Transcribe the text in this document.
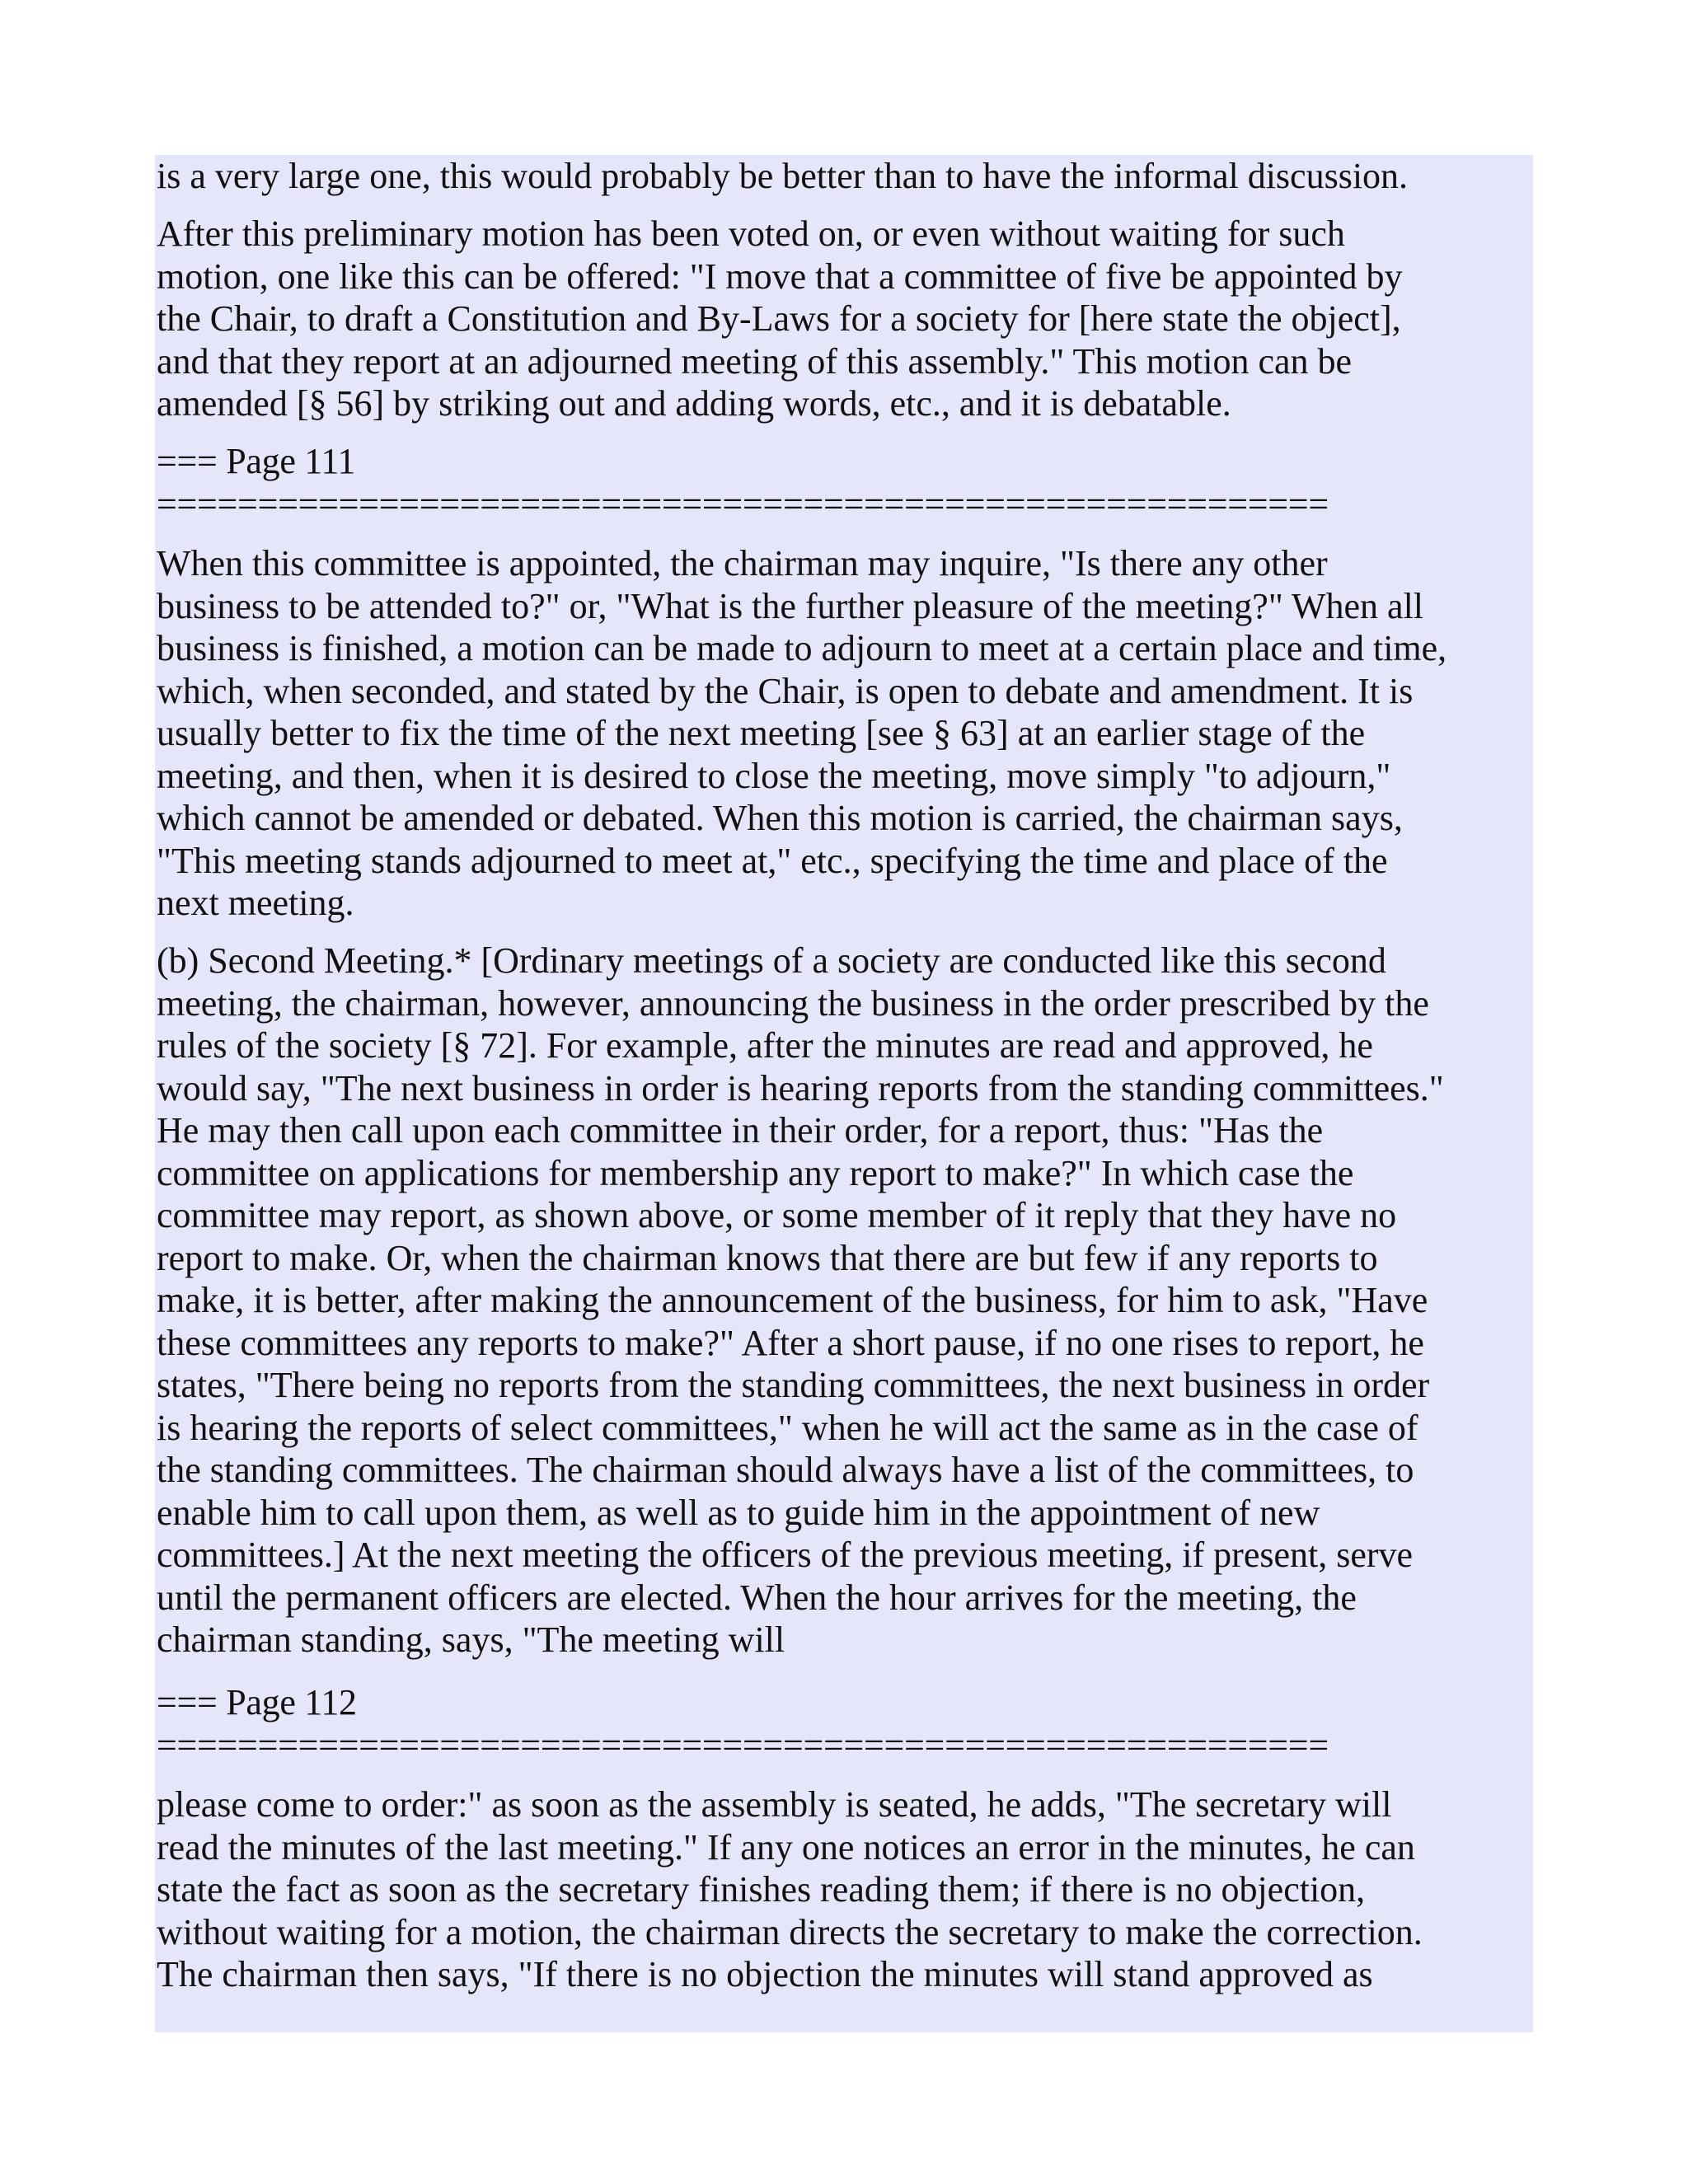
is a very large one, this would probably be better than to have the informal discussion.
After this preliminary motion has been voted on, or even without waiting for such
motion, one like this can be offered: "I move that a committee of five be appointed by
the Chair, to draft a Constitution and By-Laws for a society for [here state the object],
and that they report at an adjourned meeting of this assembly." This motion can be
amended [§ 56] by striking out and adding words, etc., and it is debatable.
=== Page 111
==========================================================
When this committee is appointed, the chairman may inquire, "Is there any other
business to be attended to?" or, "What is the further pleasure of the meeting?" When all
business is finished, a motion can be made to adjourn to meet at a certain place and time,
which, when seconded, and stated by the Chair, is open to debate and amendment. It is
usually better to fix the time of the next meeting [see § 63] at an earlier stage of the
meeting, and then, when it is desired to close the meeting, move simply "to adjourn,"
which cannot be amended or debated. When this motion is carried, the chairman says,
"This meeting stands adjourned to meet at," etc., specifying the time and place of the
next meeting.
(b) Second Meeting.* [Ordinary meetings of a society are conducted like this second
meeting, the chairman, however, announcing the business in the order prescribed by the
rules of the society [§ 72]. For example, after the minutes are read and approved, he
would say, "The next business in order is hearing reports from the standing committees."
He may then call upon each committee in their order, for a report, thus: "Has the
committee on applications for membership any report to make?" In which case the
committee may report, as shown above, or some member of it reply that they have no
report to make. Or, when the chairman knows that there are but few if any reports to
make, it is better, after making the announcement of the business, for him to ask, "Have
these committees any reports to make?" After a short pause, if no one rises to report, he
states, "There being no reports from the standing committees, the next business in order
is hearing the reports of select committees," when he will act the same as in the case of
the standing committees. The chairman should always have a list of the committees, to
enable him to call upon them, as well as to guide him in the appointment of new
committees.] At the next meeting the officers of the previous meeting, if present, serve
until the permanent officers are elected. When the hour arrives for the meeting, the
chairman standing, says, "The meeting will
=== Page 112
==========================================================
please come to order:" as soon as the assembly is seated, he adds, "The secretary will
read the minutes of the last meeting." If any one notices an error in the minutes, he can
state the fact as soon as the secretary finishes reading them; if there is no objection,
without waiting for a motion, the chairman directs the secretary to make the correction.
The chairman then says, "If there is no objection the minutes will stand approved as
